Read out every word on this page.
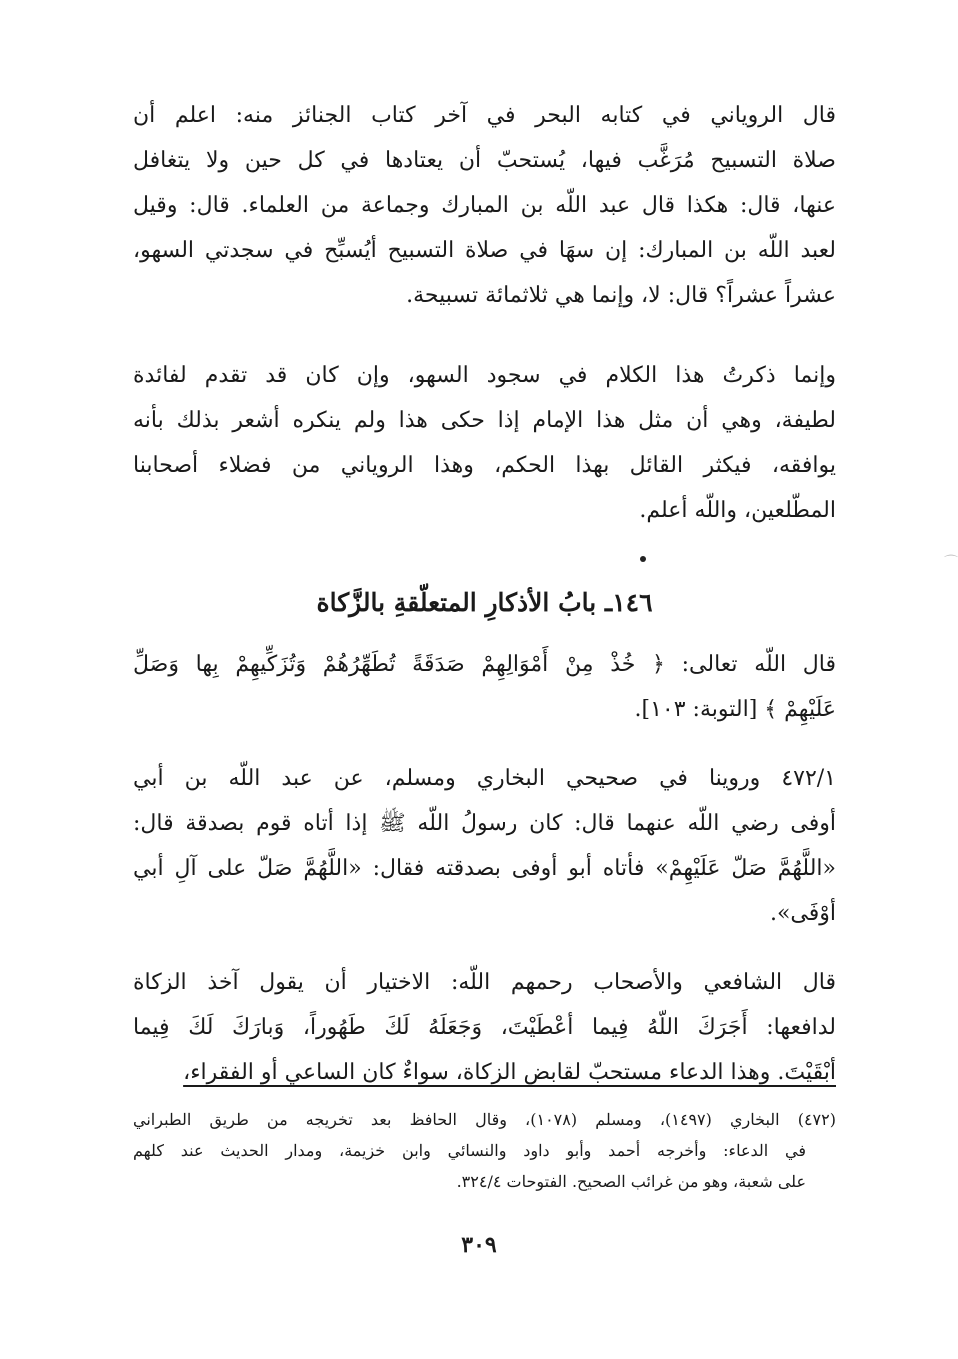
قال الروياني في كتابه البحر في آخر كتاب الجنائز منه: اعلم أن
صلاة التسبيح مُرَغَّب فيها، يُستحبّ أن يعتادها في كل حين ولا يتغافل
عنها، قال: هكذا قال عبد اللّه بن المبارك وجماعة من العلماء. قال: وقيل
لعبد اللّه بن المبارك: إن سهَا في صلاة التسبيح أيُسبِّح في سجدتي السهو،
عشراً عشراً؟ قال: لا، وإنما هي ثلاثمائة تسبيحة.
وإنما ذكرتُ هذا الكلام في سجود السهو، وإن كان قد تقدم لفائدة
لطيفة، وهي أن مثل هذا الإمام إذا حكى هذا ولم ينكره أشعر بذلك بأنه
يوافقه، فيكثر القائل بهذا الحكم، وهذا الروياني من فضلاء أصحابنا
المطّلعين، واللّه أعلم.
١٤٦ـ بابُ الأذكارِ المتعلّقةِ بالزَّكاة
قال اللّه تعالى: ﴿ خُذْ مِنْ أَمْوَالِهِمْ صَدَقَةً تُطَهِّرُهُمْ وَتُزَكِّيهِمْ بِها وَصَلِّ
عَلَيْهِمْ ﴾ [التوبة: ١٠٣].
٤٧٢/١ وروينا في صحيحي البخاري ومسلم، عن عبد اللّه بن أبي
أوفى رضي اللّه عنهما قال: كان رسولُ اللّه ﷺ إذا أتاه قوم بصدقة قال:
«اللَّهُمَّ صَلّ عَلَيْهِمْ» فأتاه أبو أوفى بصدقته فقال: «اللَّهُمَّ صَلّ على آلِ أبي
أوْفَى».
قال الشافعي والأصحاب رحمهم اللّه: الاختيار أن يقول آخذ الزكاة
لدافعها: أَجَرَكَ اللّهُ فِيما أعْطَيْتَ، وَجَعَلَهُ لَكَ طَهُوراً، وَبارَكَ لَكَ فِيما
أبْقَيْتَ. وهذا الدعاء مستحبّ لقابض الزكاة، سواءٌ كان الساعي أو الفقراء،
(٤٧٢) البخاري (١٤٩٧)، ومسلم (١٠٧٨)، وقال الحافظ بعد تخريجه من طريق الطبراني
في الدعاء: وأخرجه أحمد وأبو داود والنسائي وابن خزيمة، ومدار الحديث عند كلهم
على شعبة، وهو من غرائب الصحيح. الفتوحات ٣٢٤/٤.
٣٠٩
⌒
